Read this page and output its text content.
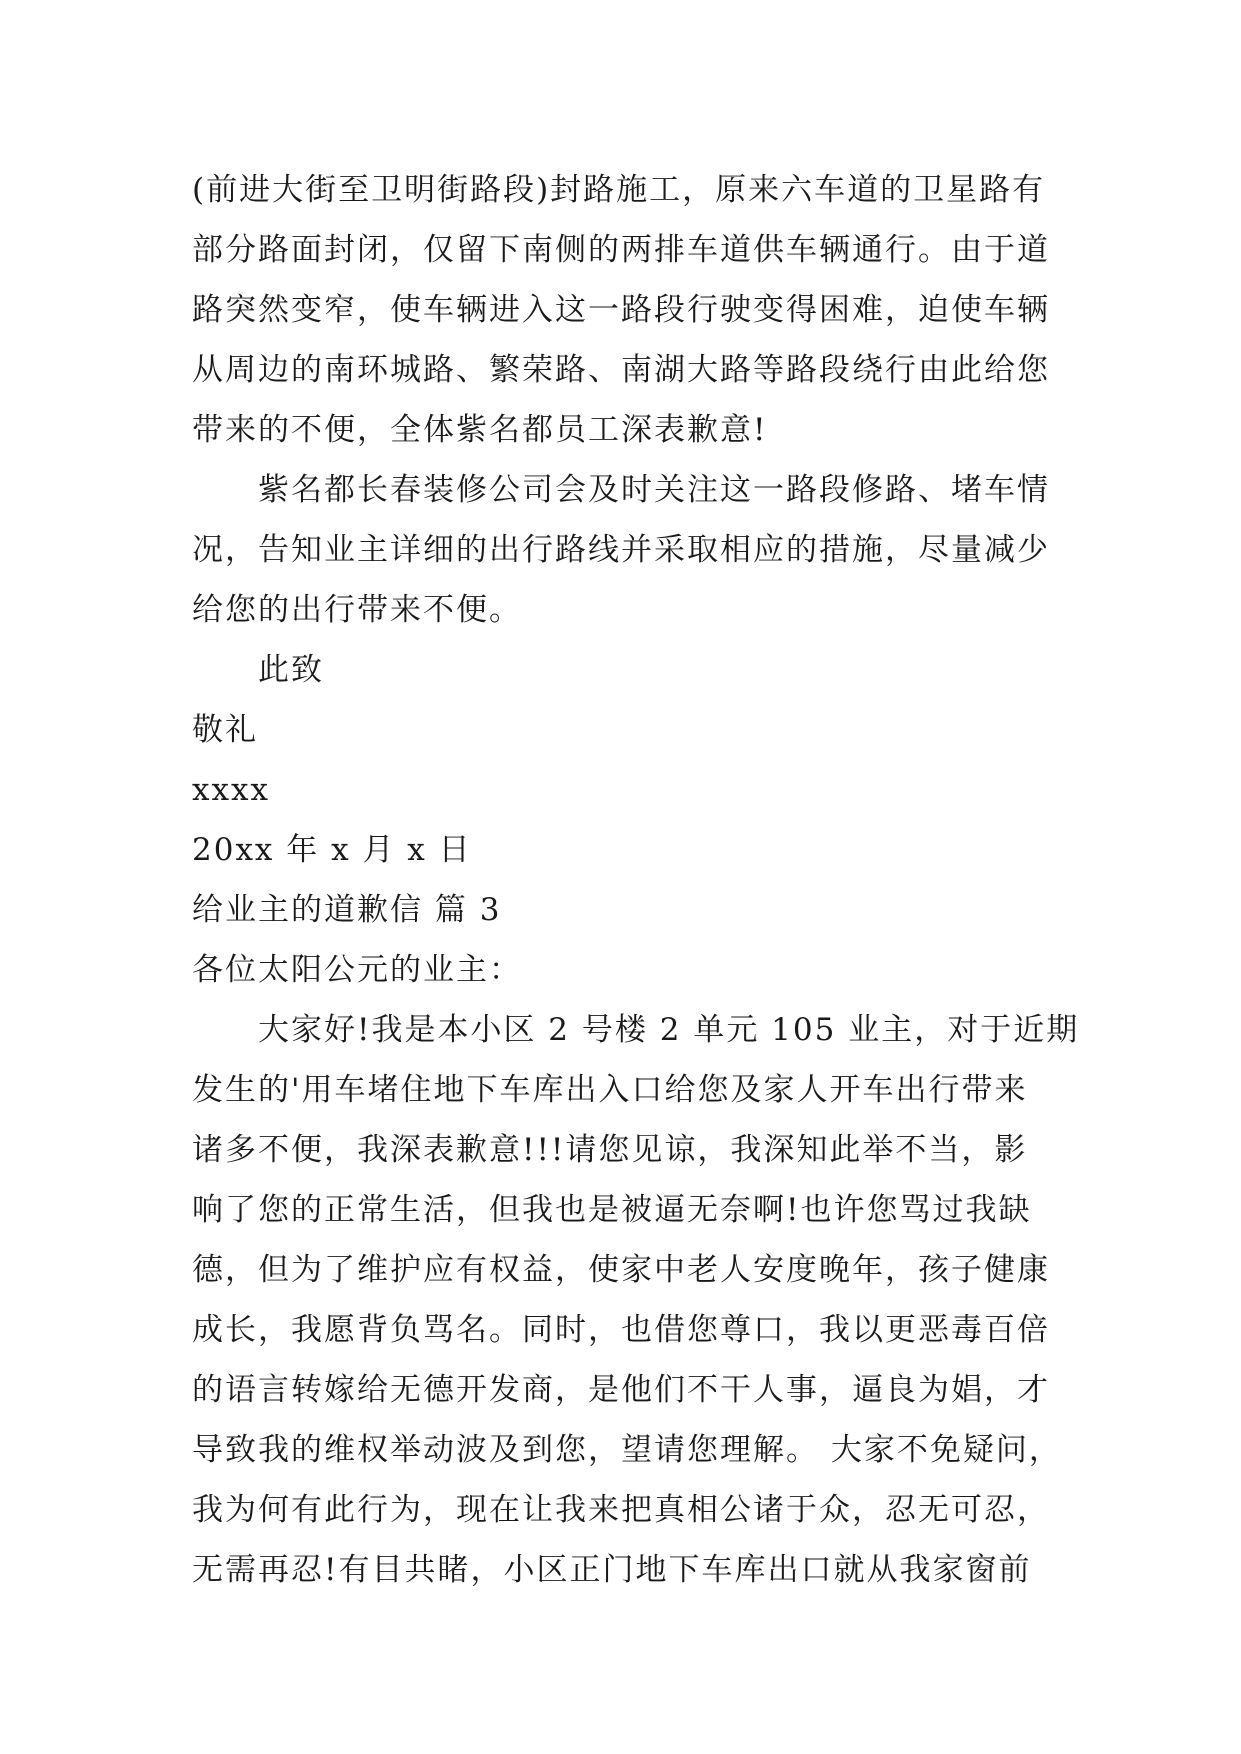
(前进大街至卫明街路段)封路施工，原来六车道的卫星路有

部分路面封闭，仅留下南侧的两排车道供车辆通行。由于道

路突然变窄，使车辆进入这一路段行驶变得困难，迫使车辆

从周边的南环城路、繁荣路、南湖大路等路段绕行由此给您

带来的不便，全体紫名都员工深表歉意!

紫名都长春装修公司会及时关注这一路段修路、堵车情

况，告知业主详细的出行路线并采取相应的措施，尽量减少

给您的出行带来不便。

此致

敬礼

xxxx

20xx 年 x 月 x 日

给业主的道歉信 篇 3

各位太阳公元的业主：

大家好!我是本小区 2 号楼 2 单元 105 业主，对于近期

发生的'用车堵住地下车库出入口给您及家人开车出行带来

诸多不便，我深表歉意!!!请您见谅，我深知此举不当，影

响了您的正常生活，但我也是被逼无奈啊!也许您骂过我缺

德，但为了维护应有权益，使家中老人安度晚年，孩子健康

成长，我愿背负骂名。同时，也借您尊口，我以更恶毒百倍

的语言转嫁给无德开发商，是他们不干人事，逼良为娼，才

导致我的维权举动波及到您，望请您理解。 大家不免疑问，

我为何有此行为，现在让我来把真相公诸于众，忍无可忍，

无需再忍!有目共睹，小区正门地下车库出口就从我家窗前
